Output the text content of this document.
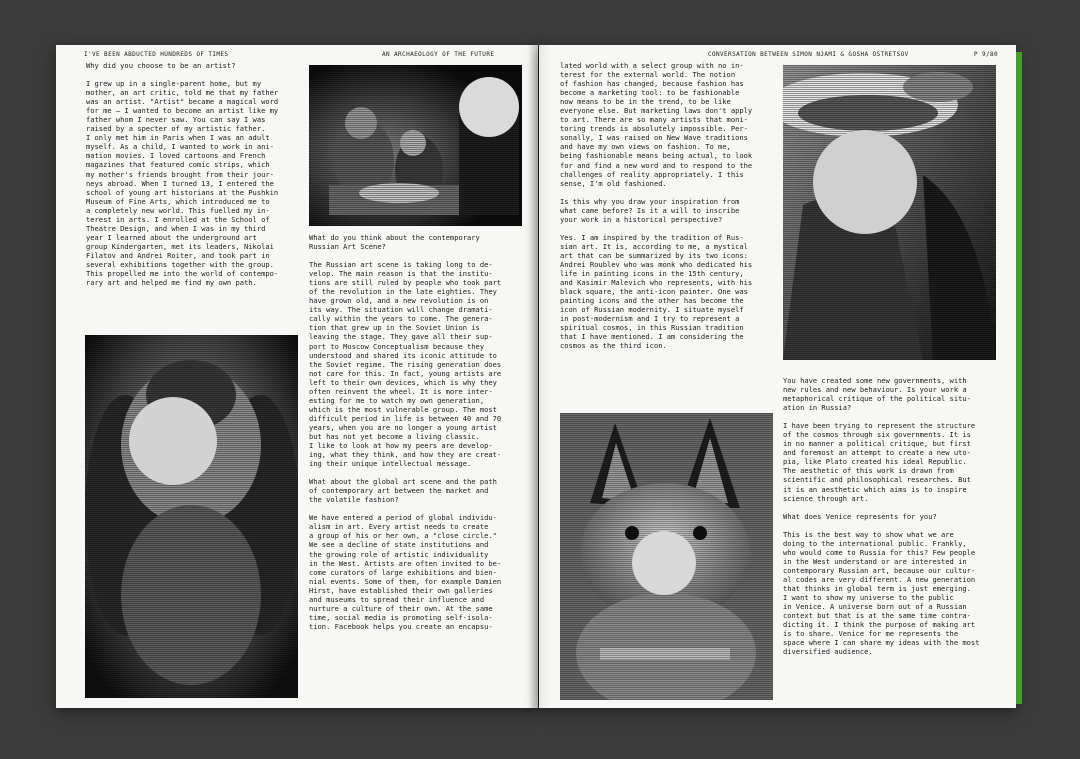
I'VE BEEN ABDUCTED HUNDREDS OF TIMES	AN ARCHAEOLOGY OF THE FUTURE	CONVERSATION BETWEEN SIMON NJAMI & GOSHA OSTRETSOV	P 9/80

Why did you choose to be an artist?

I grew up in a single-parent home, but my
mother, an art critic, told me that my father
was an artist. "Artist" became a magical word
for me — I wanted to become an artist like my
father whom I never saw. You can say I was
raised by a specter of my artistic father.
I only met him in Paris when I was an adult
myself. As a child, I wanted to work in ani-
mation movies. I loved cartoons and French
magazines that featured comic strips, which
my mother's friends brought from their jour-
neys abroad. When I turned 13, I entered the
school of young art historians at the Pushkin
Museum of Fine Arts, which introduced me to
a completely new world. This fuelled my in-
terest in arts. I enrolled at the School of
Theatre Design, and when I was in my third
year I learned about the underground art
group Kindergarten, met its leaders, Nikolai
Filatov and Andrei Roiter, and took part in
several exhibitions together with the group.
This propelled me into the world of contempo-
rary art and helped me find my own path.

What do you think about the contemporary
Russian Art Scene?

The Russian art scene is taking long to de-
velop. The main reason is that the institu-
tions are still ruled by people who took part
of the revolution in the late eighties. They
have grown old, and a new revolution is on
its way. The situation will change dramati-
cally within the years to come. The genera-
tion that grew up in the Soviet Union is
leaving the stage. They gave all their sup-
port to Moscow Conceptualism because they
understood and shared its iconic attitude to
the Soviet regime. The rising generation does
not care for this. In fact, young artists are
left to their own devices, which is why they
often reinvent the wheel. It is more inter-
esting for me to watch my own generation,
which is the most vulnerable group. The most
difficult period in life is between 40 and 70
years, when you are no longer a young artist
but has not yet become a living classic.
I like to look at how my peers are develop-
ing, what they think, and how they are creat-
ing their unique intellectual message.

What about the global art scene and the path
of contemporary art between the market and
the volatile fashion?

We have entered a period of global individu-
alism in art. Every artist needs to create
a group of his or her own, a "close circle."
We see a decline of state institutions and
the growing role of artistic individuality
in the West. Artists are often invited to be-
come curators of large exhibitions and bien-
nial events. Some of them, for example Damien
Hirst, have established their own galleries
and museums to spread their influence and
nurture a culture of their own. At the same
time, social media is promoting self-isola-
tion. Facebook helps you create an encapsu-

lated world with a select group with no in-
terest for the external world. The notion
of fashion has changed, because fashion has
become a marketing tool: to be fashionable
now means to be in the trend, to be like
everyone else. But marketing laws don't apply
to art. There are so many artists that moni-
toring trends is absolutely impossible. Per-
sonally, I was raised on New Wave traditions
and have my own views on fashion. To me,
being fashionable means being actual, to look
for and find a new word and to respond to the
challenges of reality appropriately. I this
sense, I'm old fashioned.

Is this why you draw your inspiration from
what came before? Is it a will to inscribe
your work in a historical perspective?

Yes. I am inspired by the tradition of Rus-
sian art. It is, according to me, a mystical
art that can be summarized by its two icons:
Andrei Roublev who was monk who dedicated his
life in painting icons in the 15th century,
and Kasimir Malevich who represents, with his
black square, the anti-icon painter. One was
painting icons and the other has become the
icon of Russian modernity. I situate myself
in post-modernism and I try to represent a
spiritual cosmos, in this Russian tradition
that I have mentioned. I am considering the
cosmos as the third icon.

You have created some new governments, with
new rules and new behaviour. Is your work a
metaphorical critique of the political situ-
ation in Russia?

I have been trying to represent the structure
of the cosmos through six governments. It is
in no manner a political critique, but first
and foremost an attempt to create a new uto-
pia, like Plato created his ideal Republic.
The aesthetic of this work is drawn from
scientific and philosophical researches. But
it is an aesthetic which aims is to inspire
science through art.

What does Venice represents for you?

This is the best way to show what we are
doing to the international public. Frankly,
who would come to Russia for this? Few people
in the West understand or are interested in
contemporary Russian art, because our cultur-
al codes are very different. A new generation
that thinks in global term is just emerging.
I want to show my universe to the public
in Venice. A universe born out of a Russian
context but that is at the same time contra-
dicting it. I think the purpose of making art
is to share. Venice for me represents the
space where I can share my ideas with the most
diversified audience.
